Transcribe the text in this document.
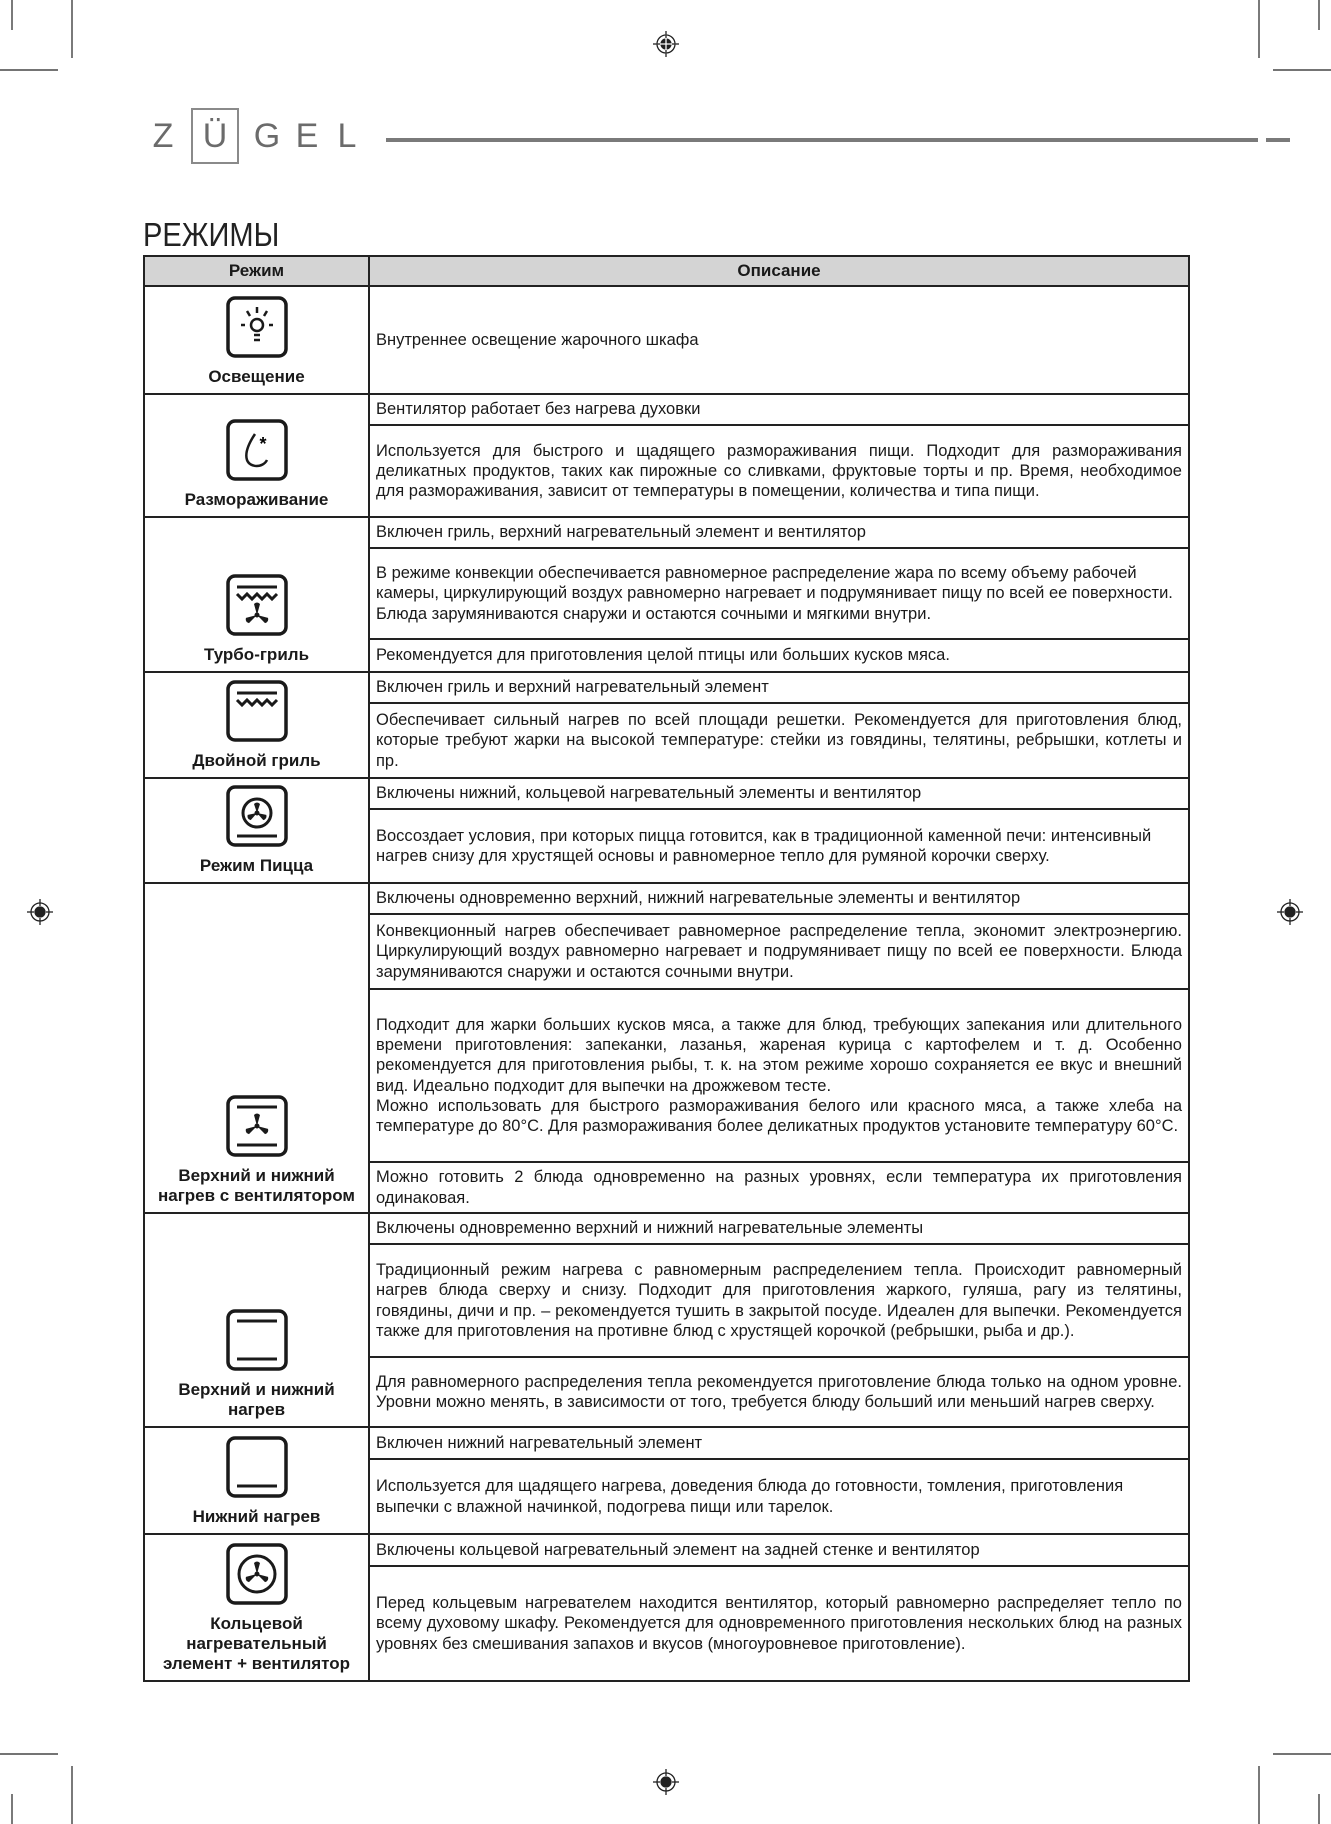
Z Ü G E L
РЕЖИМЫ
Режим	Описание

Освещение	Внутреннее освещение жарочного шкафа

*
Размораживание	Вентилятор работает без нагрева духовки
	Используется для быстрого и щадящего размораживания пищи. Подходит для размораживания деликатных продуктов, таких как пирожные со сливками, фруктовые торты и пр. Время, необходимое для размораживания, зависит от температуры в помещении, количества и типа пищи.

Турбо-гриль	Включен гриль, верхний нагревательный элемент и вентилятор
	В режиме конвекции обеспечивается равномерное распределение жара по всему объему рабочей камеры, циркулирующий воздух равномерно нагревает и подрумянивает пищу по всей ее поверхности. Блюда зарумяниваются снаружи и остаются сочными и мягкими внутри.
	Рекомендуется для приготовления целой птицы или больших кусков мяса.

Двойной гриль	Включен гриль и верхний нагревательный элемент
	Обеспечивает сильный нагрев по всей площади решетки. Рекомендуется для приготовления блюд, которые требуют жарки на высокой температуре: стейки из говядины, телятины, ребрышки, котлеты и пр.

Режим Пицца	Включены нижний, кольцевой нагревательный элементы и вентилятор
	Воссоздает условия, при которых пицца готовится, как в традиционной каменной печи: интенсивный нагрев снизу для хрустящей основы и равномерное тепло для румяной корочки сверху.

Верхний и нижний нагрев с вентилятором	Включены одновременно верхний, нижний нагревательные элементы и вентилятор
	Конвекционный нагрев обеспечивает равномерное распределение тепла, экономит электроэнергию. Циркулирующий воздух равномерно нагревает и подрумянивает пищу по всей ее поверхности. Блюда зарумяниваются снаружи и остаются сочными внутри.
	Подходит для жарки больших кусков мяса, а также для блюд, требующих запекания или длительного времени приготовления: запеканки, лазанья, жареная курица с картофелем и т. д. Особенно рекомендуется для приготовления рыбы, т. к. на этом режиме хорошо сохраняется ее вкус и внешний вид. Идеально подходит для выпечки на дрожжевом тесте.
Можно использовать для быстрого размораживания белого или красного мяса, а также хлеба на температуре до 80°C. Для размораживания более деликатных продуктов установите температуру 60°C.
	Можно готовить 2 блюда одновременно на разных уровнях, если температура их приготовления одинаковая.

Верхний и нижний нагрев	Включены одновременно верхний и нижний нагревательные элементы
	Традиционный режим нагрева с равномерным распределением тепла. Происходит равномерный нагрев блюда сверху и снизу. Подходит для приготовления жаркого, гуляша, рагу из телятины, говядины, дичи и пр. – рекомендуется тушить в закрытой посуде. Идеален для выпечки. Рекомендуется также для приготовления на противне блюд с хрустящей корочкой (ребрышки, рыба и др.).
	Для равномерного распределения тепла рекомендуется приготовление блюда только на одном уровне. Уровни можно менять, в зависимости от того, требуется блюду больший или меньший нагрев сверху.

Нижний нагрев	Включен нижний нагревательный элемент
	Используется для щадящего нагрева, доведения блюда до готовности, томления, приготовления выпечки с влажной начинкой, подогрева пищи или тарелок.

Кольцевой нагревательный элемент + вентилятор	Включены кольцевой нагревательный элемент на задней стенке и вентилятор
	Перед кольцевым нагревателем находится вентилятор, который равномерно распределяет тепло по всему духовому шкафу. Рекомендуется для одновременного приготовления нескольких блюд на разных уровнях без смешивания запахов и вкусов (многоуровневое приготовление).
